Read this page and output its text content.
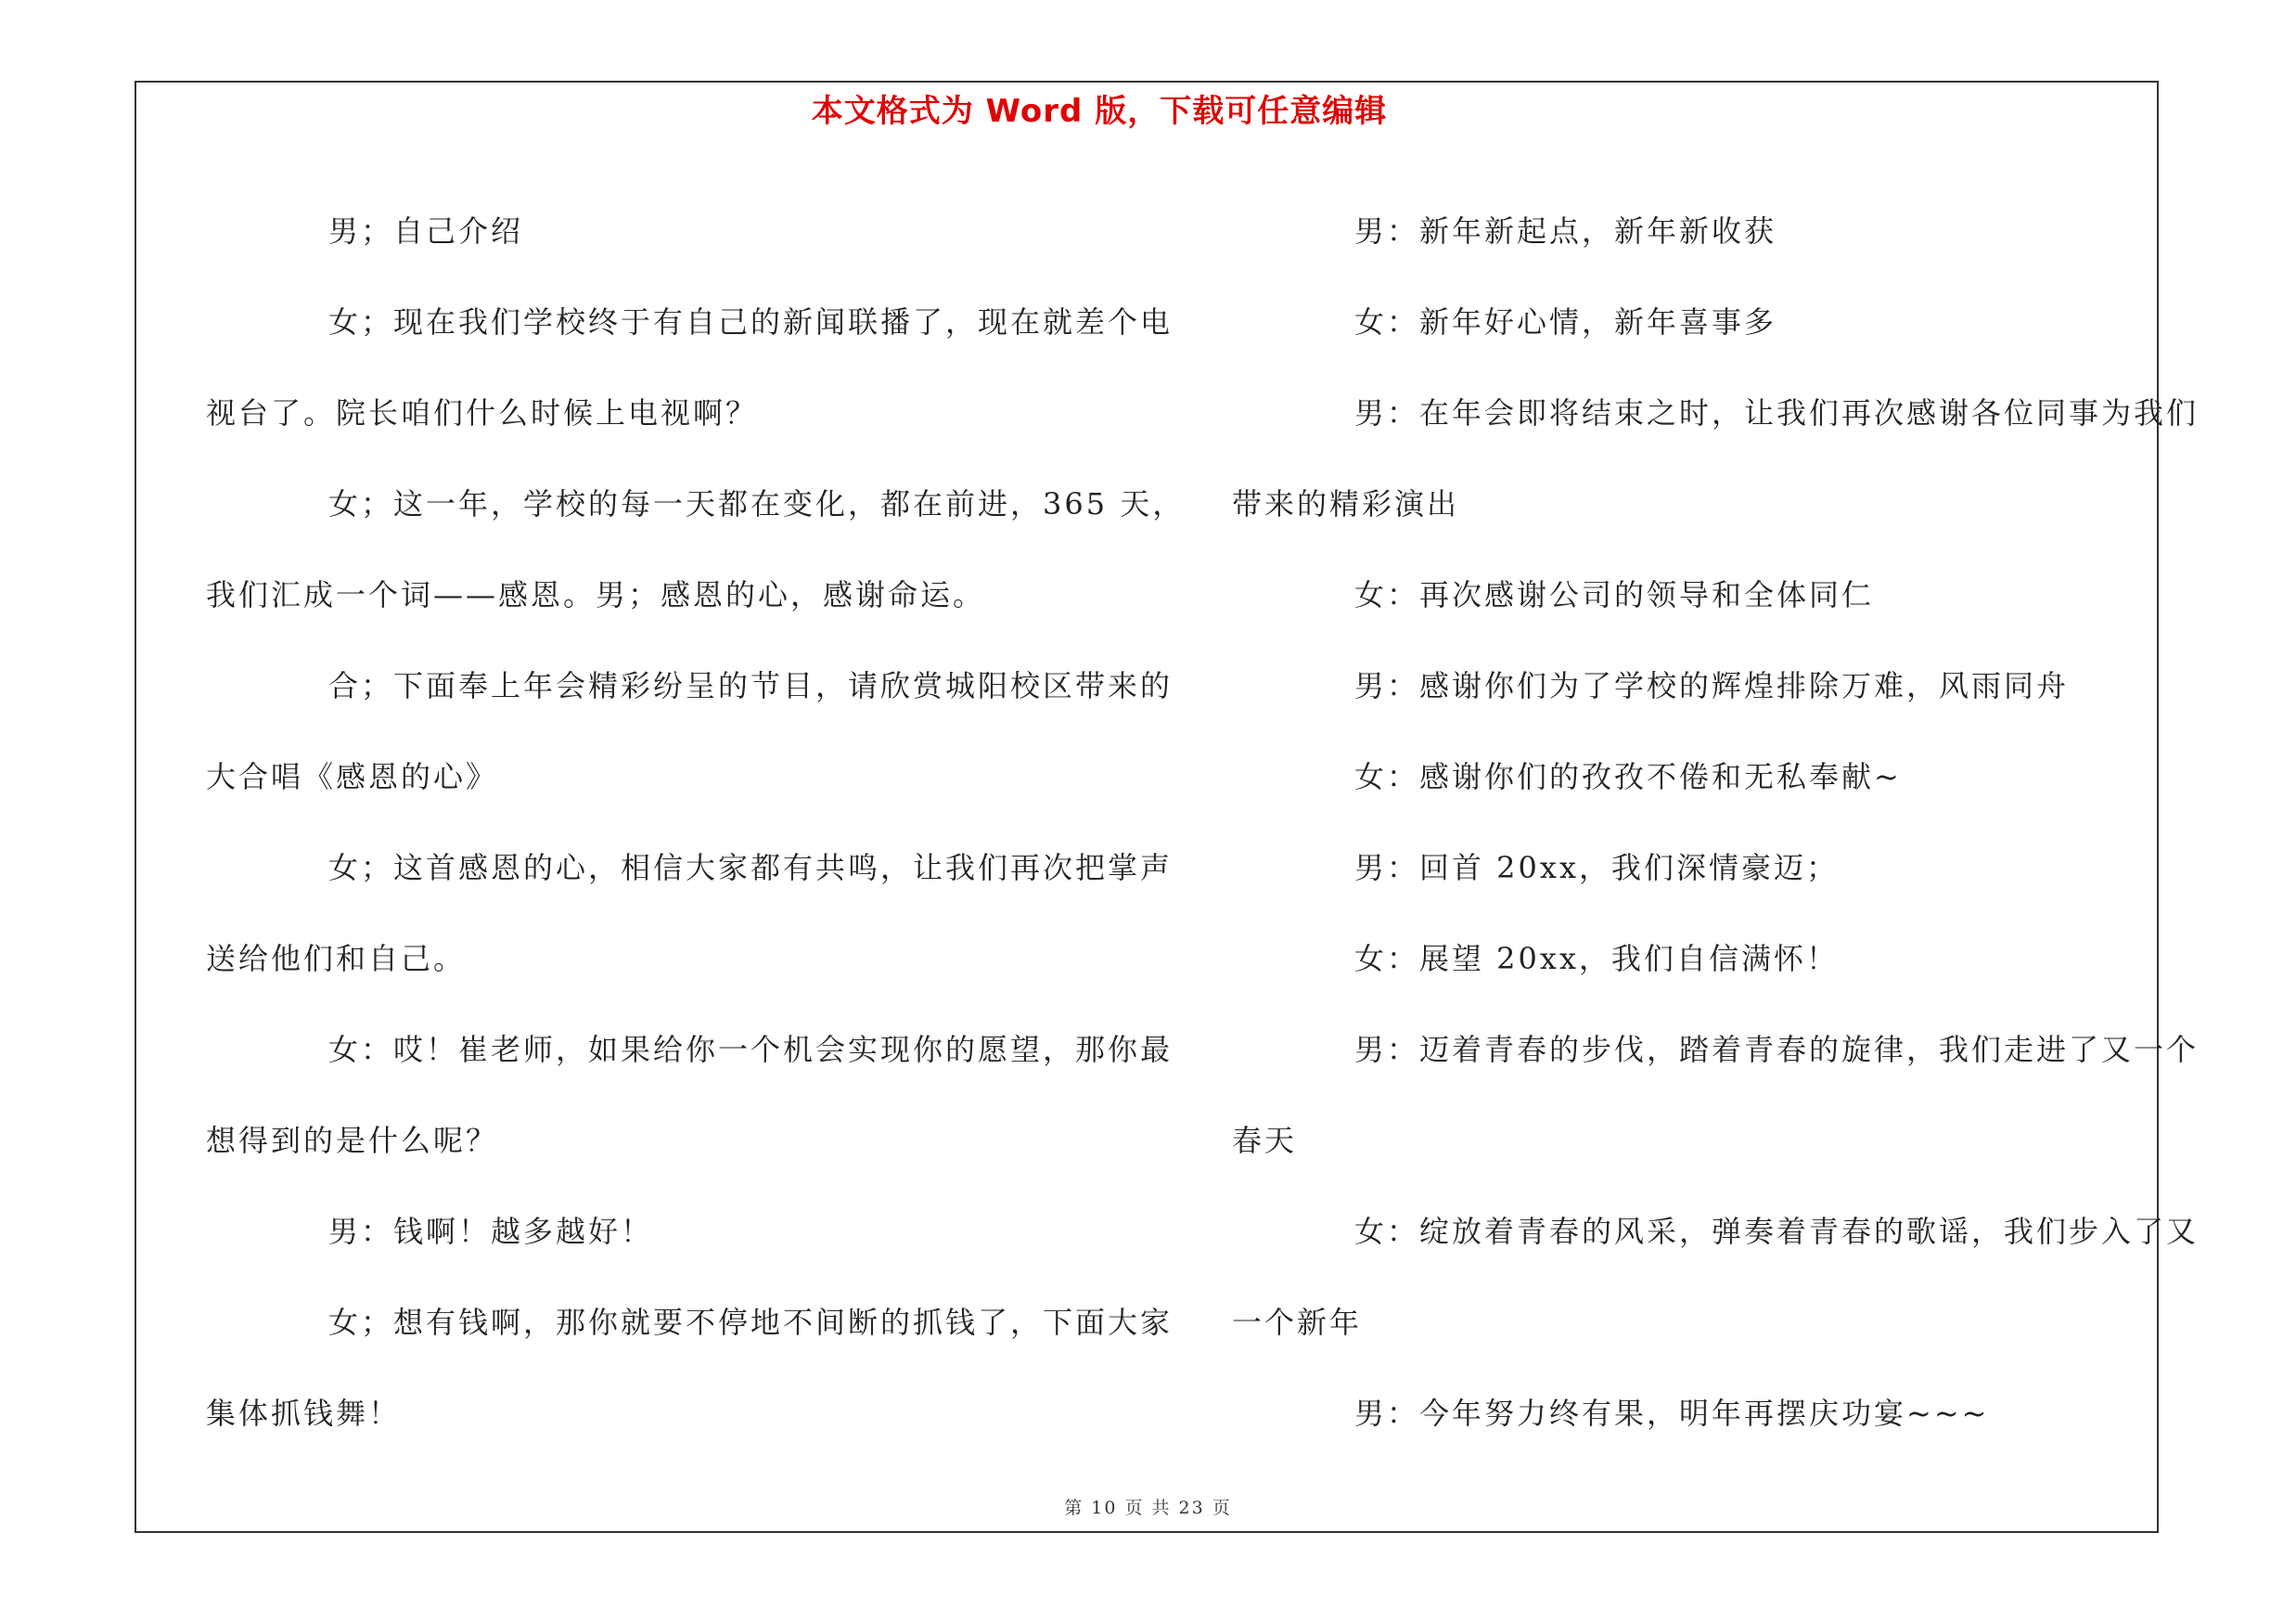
本文格式为 Word 版，下载可任意编辑
男；自己介绍
女；现在我们学校终于有自己的新闻联播了，现在就差个电
视台了。院长咱们什么时候上电视啊？
女；这一年，学校的每一天都在变化，都在前进，365 天，
我们汇成一个词——感恩。男；感恩的心，感谢命运。
合；下面奉上年会精彩纷呈的节目，请欣赏城阳校区带来的
大合唱《感恩的心》
女；这首感恩的心，相信大家都有共鸣，让我们再次把掌声
送给他们和自己。
女：哎！崔老师，如果给你一个机会实现你的愿望，那你最
想得到的是什么呢？
男：钱啊！越多越好！
女；想有钱啊，那你就要不停地不间断的抓钱了，下面大家
集体抓钱舞！
男：新年新起点，新年新收获
女：新年好心情，新年喜事多
男：在年会即将结束之时，让我们再次感谢各位同事为我们
带来的精彩演出
女：再次感谢公司的领导和全体同仁
男：感谢你们为了学校的辉煌排除万难，风雨同舟
女：感谢你们的孜孜不倦和无私奉献~
男：回首 20xx，我们深情豪迈；
女：展望 20xx，我们自信满怀！
男：迈着青春的步伐，踏着青春的旋律，我们走进了又一个
春天
女：绽放着青春的风采，弹奏着青春的歌谣，我们步入了又
一个新年
男：今年努力终有果，明年再摆庆功宴~~~
第 10 页 共 23 页
